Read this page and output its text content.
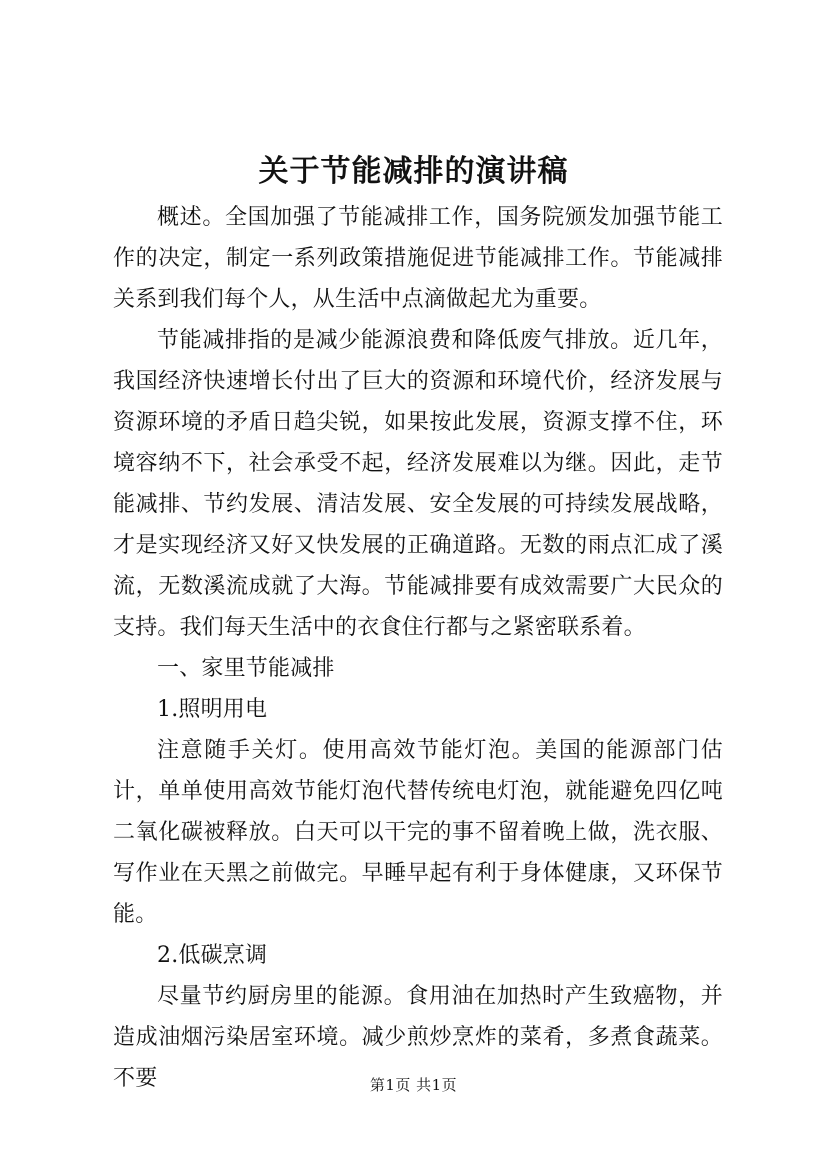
关于节能减排的演讲稿

概述。全国加强了节能减排工作，国务院颁发加强节能工作的决定，制定一系列政策措施促进节能减排工作。节能减排关系到我们每个人，从生活中点滴做起尤为重要。

节能减排指的是减少能源浪费和降低废气排放。近几年，我国经济快速增长付出了巨大的资源和环境代价，经济发展与资源环境的矛盾日趋尖锐，如果按此发展，资源支撑不住，环境容纳不下，社会承受不起，经济发展难以为继。因此，走节能减排、节约发展、清洁发展、安全发展的可持续发展战略，才是实现经济又好又快发展的正确道路。无数的雨点汇成了溪流，无数溪流成就了大海。节能减排要有成效需要广大民众的支持。我们每天生活中的衣食住行都与之紧密联系着。

一、家里节能减排

1.照明用电

注意随手关灯。使用高效节能灯泡。美国的能源部门估计，单单使用高效节能灯泡代替传统电灯泡，就能避免四亿吨二氧化碳被释放。白天可以干完的事不留着晚上做，洗衣服、写作业在天黑之前做完。早睡早起有利于身体健康，又环保节能。

2.低碳烹调

尽量节约厨房里的能源。食用油在加热时产生致癌物，并造成油烟污染居室环境。减少煎炒烹炸的菜肴，多煮食蔬菜。不要	第1页 共1页
